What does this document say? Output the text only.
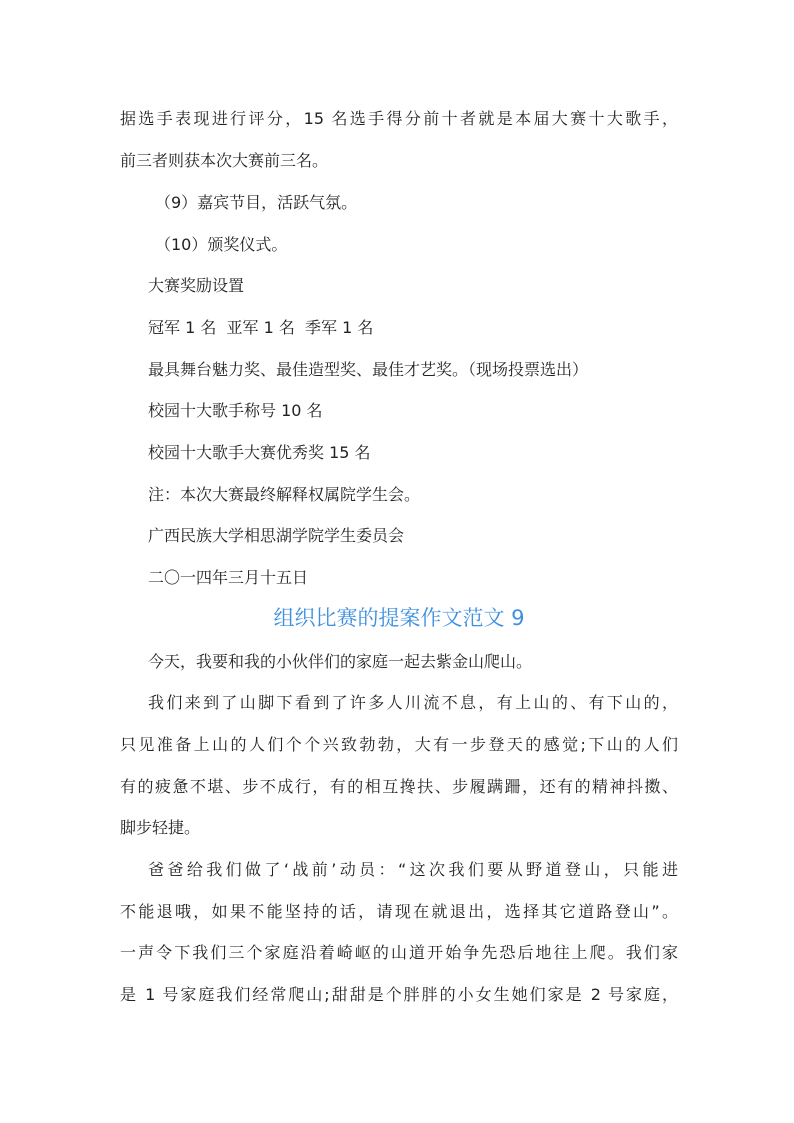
据选手表现进行评分，15 名选手得分前十者就是本届大赛十大歌手，
前三者则获本次大赛前三名。
（9）嘉宾节目，活跃气氛。
（10）颁奖仪式。
大赛奖励设置
冠军 1 名  亚军 1 名  季军 1 名
最具舞台魅力奖、最佳造型奖、最佳才艺奖。（现场投票选出）
校园十大歌手称号 10 名
校园十大歌手大赛优秀奖 15 名
注：本次大赛最终解释权属院学生会。
广西民族大学相思湖学院学生委员会
二〇一四年三月十五日
组织比赛的提案作文范文 9
今天，我要和我的小伙伴们的家庭一起去紫金山爬山。
我们来到了山脚下看到了许多人川流不息，有上山的、有下山的，
只见准备上山的人们个个兴致勃勃，大有一步登天的感觉;下山的人们
有的疲惫不堪、步不成行，有的相互搀扶、步履蹒跚，还有的精神抖擞、
脚步轻捷。
爸爸给我们做了‘战前’动员：“这次我们要从野道登山，只能进
不能退哦，如果不能坚持的话，请现在就退出，选择其它道路登山”。
一声令下我们三个家庭沿着崎岖的山道开始争先恐后地往上爬。我们家
是 1 号家庭我们经常爬山;甜甜是个胖胖的小女生她们家是 2 号家庭，
